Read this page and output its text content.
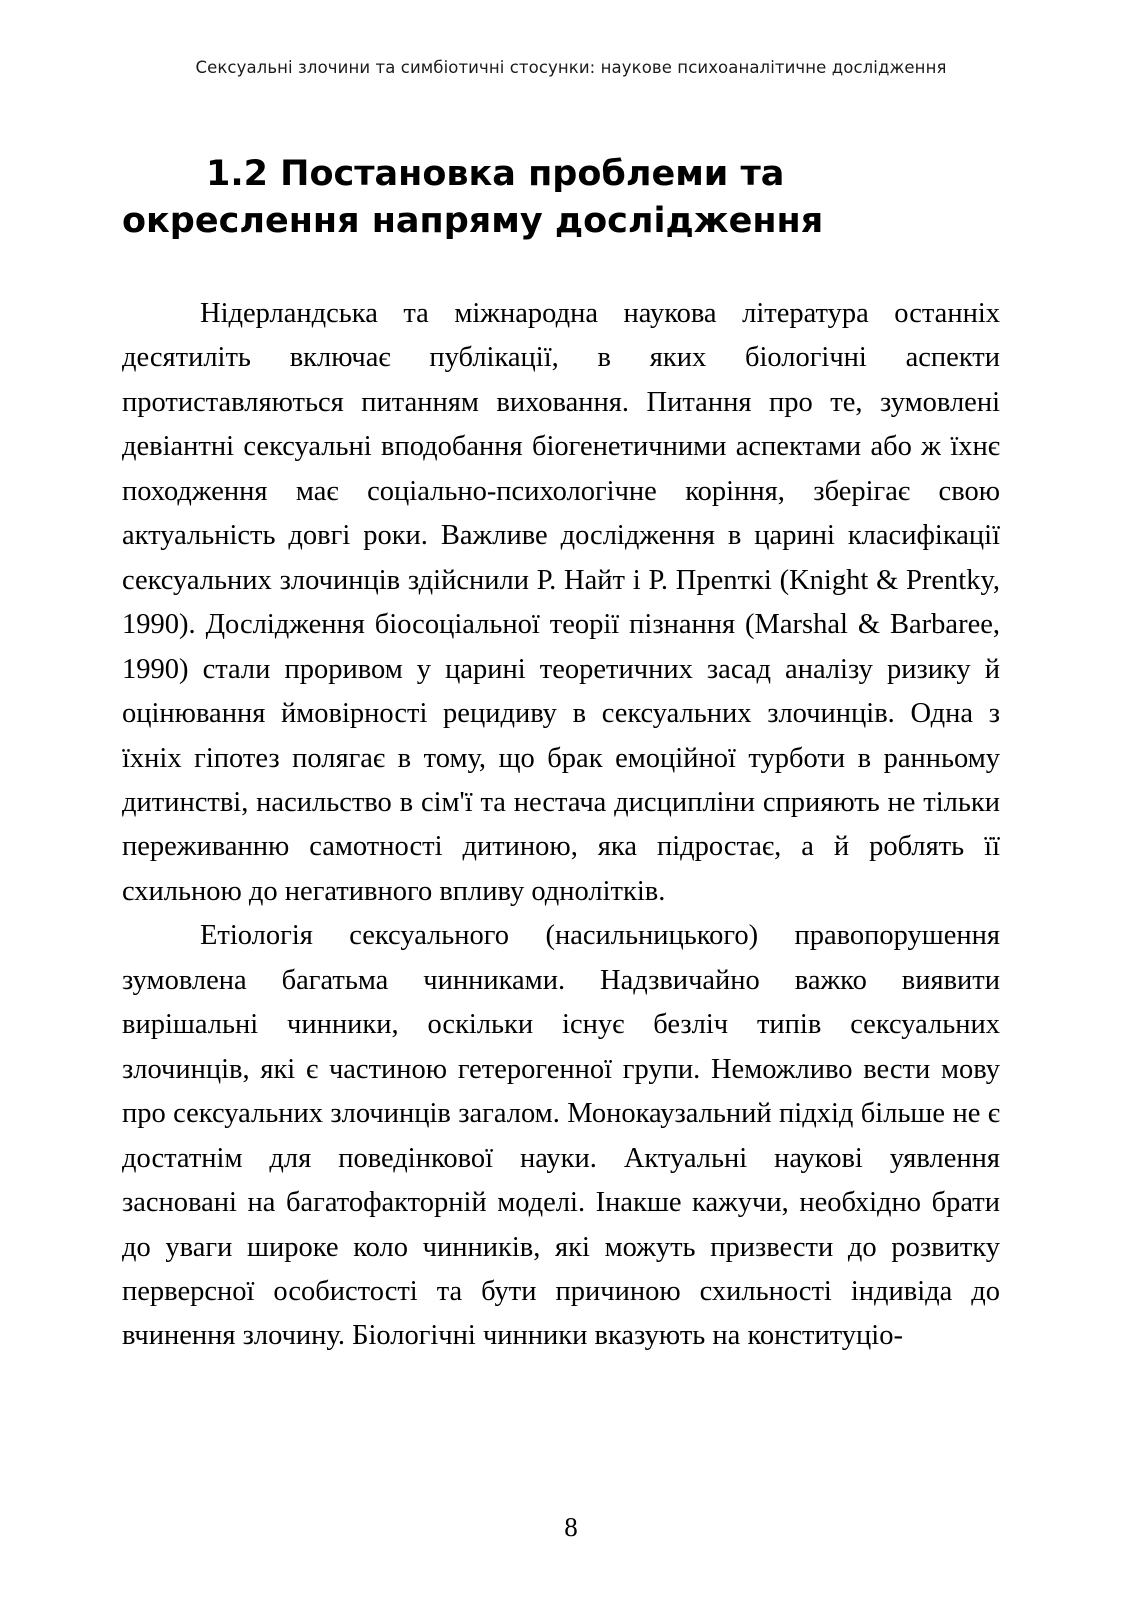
Сексуальні злочини та симбіотичні стосунки: наукове психоаналітичне дослідження
1.2 Постановка проблеми та окреслення напряму дослідження

Нідерландська та міжнародна наукова література останніх десятиліть включає публікації, в яких біологічні аспекти протиставляються питанням виховання. Питання про те, зумовлені девіантні сексуальні вподобання біогенетичними аспектами або ж їхнє походження має соціально-психологічне коріння, зберігає свою актуальність довгі роки. Важливе дослідження в царині класифікації сексуальних злочинців здійснили Р. Найт і Р. Прenткі (Knight & Prentky, 1990). Дослідження біосоціальної теорії пізнання (Marshal & Barbaree, 1990) стали проривом у царині теоретичних засад аналізу ризику й оцінювання ймовірності рецидиву в сексуальних злочинців. Одна з їхніх гіпотез полягає в тому, що брак емоційної турботи в ранньому дитинстві, насильство в сім'ї та нестача дисципліни сприяють не тільки переживанню самотності дитиною, яка підростає, а й роблять її схильною до негативного впливу однолітків.

Етіологія сексуального (насильницького) правопорушення зумовлена багатьма чинниками. Надзвичайно важко виявити вирішальні чинники, оскільки існує безліч типів сексуальних злочинців, які є частиною гетерогенної групи. Неможливо вести мову про сексуальних злочинців загалом. Монокаузальний підхід більше не є достатнім для поведінкової науки. Актуальні наукові уявлення засновані на багатофакторній моделі. Інакше кажучи, необхідно брати до уваги широке коло чинників, які можуть призвести до розвитку перверсної особистості та бути причиною схильності індивіда до вчинення злочину. Біологічні чинники вказують на конституціо-

8
